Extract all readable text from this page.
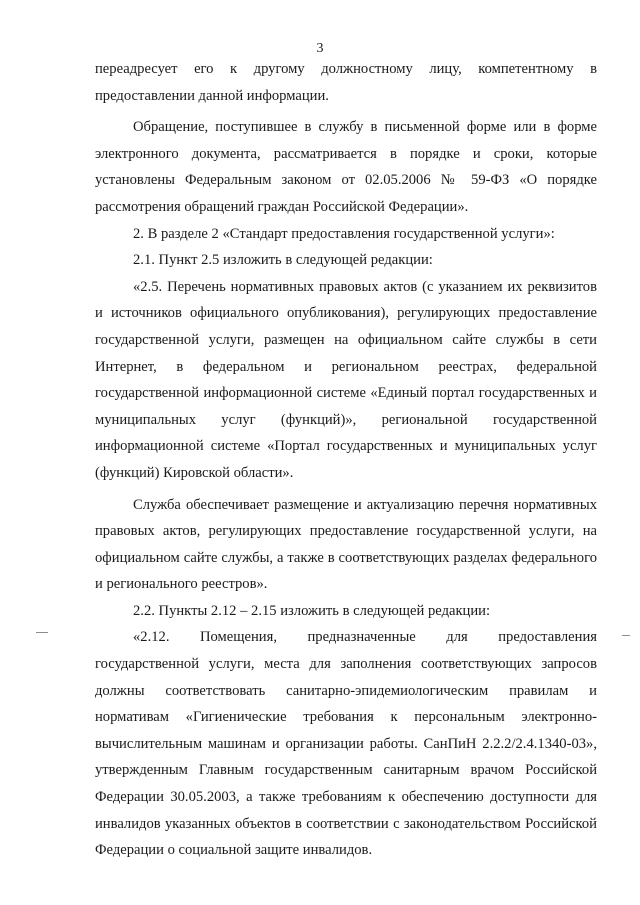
3

переадресует его к другому должностному лицу, компетентному в предоставлении данной информации.

Обращение, поступившее в службу в письменной форме или в форме электронного документа, рассматривается в порядке и сроки, которые установлены Федеральным законом от 02.05.2006 № 59-ФЗ «О порядке рассмотрения обращений граждан Российской Федерации».

2. В разделе 2 «Стандарт предоставления государственной услуги»:

2.1. Пункт 2.5 изложить в следующей редакции:

«2.5. Перечень нормативных правовых актов (с указанием их реквизитов и источников официального опубликования), регулирующих предоставление государственной услуги, размещен на официальном сайте службы в сети Интернет, в федеральном и региональном реестрах, федеральной государственной информационной системе «Единый портал государственных и муниципальных услуг (функций)», региональной государственной информационной системе «Портал государственных и муниципальных услуг (функций) Кировской области».

Служба обеспечивает размещение и актуализацию перечня нормативных правовых актов, регулирующих предоставление государственной услуги, на официальном сайте службы, а также в соответствующих разделах федерального и регионального реестров».

2.2. Пункты 2.12 – 2.15 изложить в следующей редакции:

«2.12. Помещения, предназначенные для предоставления государственной услуги, места для заполнения соответствующих запросов должны соответствовать санитарно-эпидемиологическим правилам и нормативам «Гигиенические требования к персональным электронно-вычислительным машинам и организации работы. СанПиН 2.2.2/2.4.1340-03», утвержденным Главным государственным санитарным врачом Российской Федерации 30.05.2003, а также требованиям к обеспечению доступности для инвалидов указанных объектов в соответствии с законодательством Российской Федерации о социальной защите инвалидов.
